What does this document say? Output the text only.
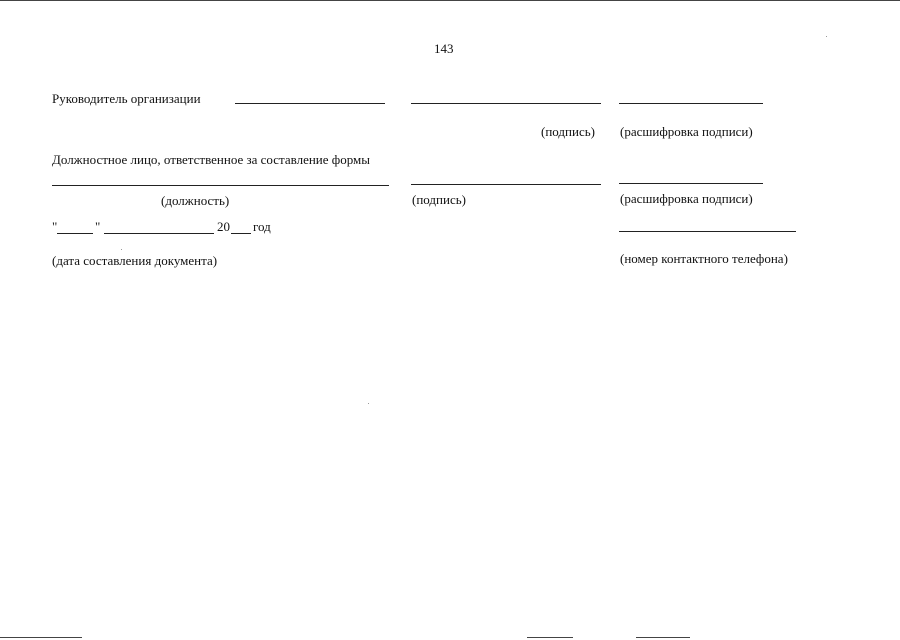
143
Руководитель организации
(подпись) (расшифровка подписи)
Должностное лицо, ответственное за составление формы
(должность)	(подпись)	(расшифровка подписи)
"	"	20 год
(дата составления документа)	(номер контактного телефона)
